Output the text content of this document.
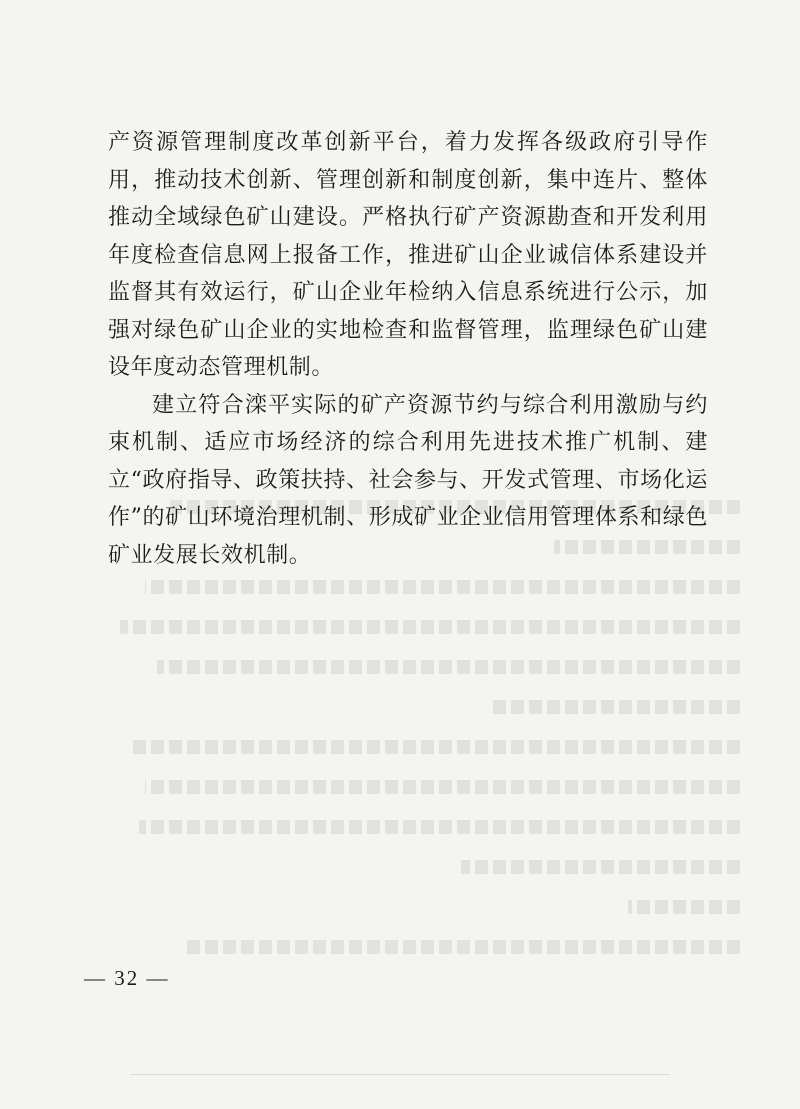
产资源管理制度改革创新平台，着力发挥各级政府引导作用，推动技术创新、管理创新和制度创新，集中连片、整体推动全域绿色矿山建设。严格执行矿产资源勘查和开发利用年度检查信息网上报备工作，推进矿山企业诚信体系建设并监督其有效运行，矿山企业年检纳入信息系统进行公示，加强对绿色矿山企业的实地检查和监督管理，监理绿色矿山建设年度动态管理机制。

建立符合滦平实际的矿产资源节约与综合利用激励与约束机制、适应市场经济的综合利用先进技术推广机制、建立“政府指导、政策扶持、社会参与、开发式管理、市场化运作”的矿山环境治理机制、形成矿业企业信用管理体系和绿色矿业发展长效机制。

— 32 —
